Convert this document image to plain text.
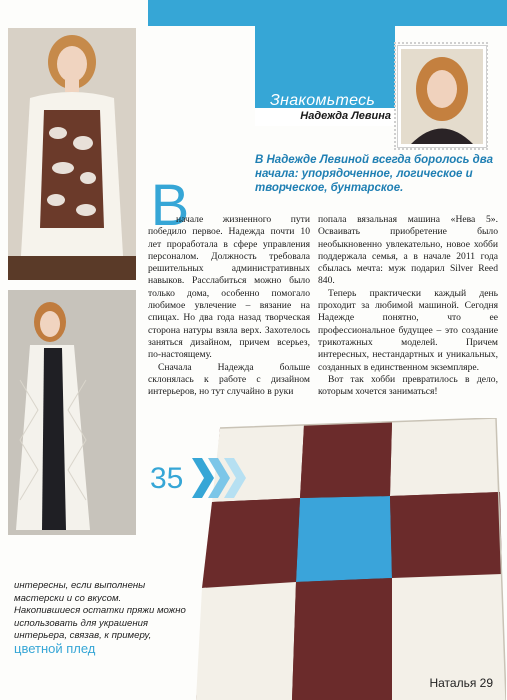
Знакомьтесь
Надежда Левина
В Надежде Левиной всегда боролось два начала: упорядоченное, логическое и творческое, бунтарское.
В

начале жизненного пути победило первое. Надежда почти 10 лет проработала в сфере управления персоналом. Должность требовала решительных административных навыков. Расслабиться можно было только дома, особенно помогало любимое увлечение – вязание на спицах. Но два года назад творческая сторона натуры взяла верх. Захотелось заняться дизайном, причем всерьез, по-настоящему.

Сначала Надежда больше склонялась к работе с дизайном интерьеров, но тут случайно в руки

попала вязальная машина «Нева 5». Осваивать приобретение было необыкновенно увлекательно, новое хобби поддержала семья, а в начале 2011 года сбылась мечта: муж подарил Silver Reed 840.

Теперь практически каждый день проходит за любимой машиной. Сегодня Надежде понятно, что ее профессиональное будущее – это создание трикотажных моделей. Причем интересных, нестандартных и уникальных, созданных в единственном экземпляре.

Вот так хобби превратилось в дело, которым хочется заниматься!

35
интересны, если выполнены мастерски и со вкусом. Накопившиеся остатки пряжи можно использовать для украшения интерьера, связав, к примеру,
цветной плед
Наталья 29
